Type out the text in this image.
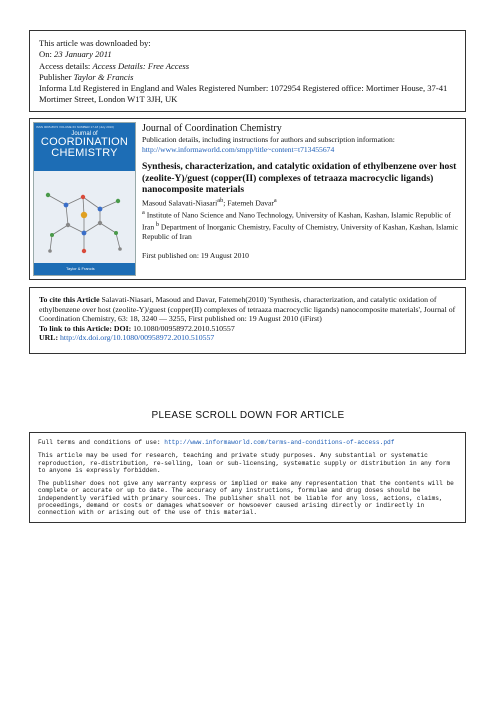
This article was downloaded by:
On: 23 January 2011
Access details: Access Details: Free Access
Publisher Taylor & Francis
Informa Ltd Registered in England and Wales Registered Number: 1072954 Registered office: Mortimer House, 37-41 Mortimer Street, London W1T 3JH, UK
ISSN 0095-8972 VOLUME 63 NUMBER 17-18 (July 2010)
Journal of
COORDINATION CHEMISTRY
Taylor & Francis
Journal of Coordination Chemistry
Publication details, including instructions for authors and subscription information:
http://www.informaworld.com/smpp/title~content=t713455674
Synthesis, characterization, and catalytic oxidation of ethylbenzene over host (zeolite-Y)/guest (copper(II) complexes of tetraaza macrocyclic ligands) nanocomposite materials
Masoud Salavati-Niasari$^{ab}$; Fatemeh Davar$^a$
$^a$ Institute of Nano Science and Nano Technology, University of Kashan, Kashan, Islamic Republic of Iran $^b$ Department of Inorganic Chemistry, Faculty of Chemistry, University of Kashan, Kashan, Islamic Republic of Iran
First published on: 19 August 2010
To cite this Article Salavati-Niasari, Masoud and Davar, Fatemeh(2010) 'Synthesis, characterization, and catalytic oxidation of ethylbenzene over host (zeolite-Y)/guest (copper(II) complexes of tetraaza macrocyclic ligands) nanocomposite materials', Journal of Coordination Chemistry, 63: 18, 3240 — 3255, First published on: 19 August 2010 (iFirst)
To link to this Article: DOI: 10.1080/00958972.2010.510557
URL: http://dx.doi.org/10.1080/00958972.2010.510557
PLEASE SCROLL DOWN FOR ARTICLE

Full terms and conditions of use: http://www.informaworld.com/terms-and-conditions-of-access.pdf

This article may be used for research, teaching and private study purposes. Any substantial or systematic reproduction, re-distribution, re-selling, loan or sub-licensing, systematic supply or distribution in any form to anyone is expressly forbidden.

The publisher does not give any warranty express or implied or make any representation that the contents will be complete or accurate or up to date. The accuracy of any instructions, formulae and drug doses should be independently verified with primary sources. The publisher shall not be liable for any loss, actions, claims, proceedings, demand or costs or damages whatsoever or howsoever caused arising directly or indirectly in connection with or arising out of the use of this material.
